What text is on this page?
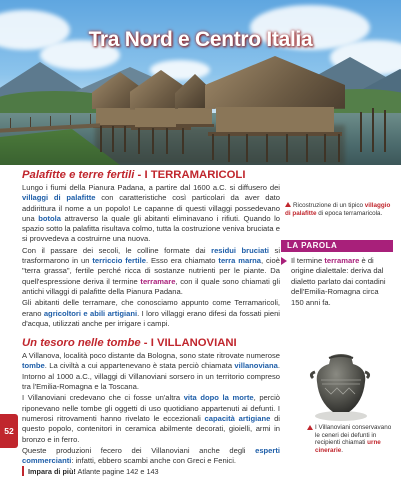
Tra Nord e Centro Italia
Palafitte e terre fertili - I TERRAMARICOLI

Lungo i fiumi della Pianura Padana, a partire dal 1600 a.C. si diffusero dei villaggi di palafitte con caratteristiche così particolari da aver dato addirittura il nome a un popolo! Le capanne di questi villaggi possedevano una botola attraverso la quale gli abitanti eliminavano i rifiuti. Quando lo spazio sotto la palafitta risultava colmo, tutta la costruzione veniva bruciata e si provvedeva a costruirne una nuova.

Con il passare dei secoli, le colline formate dai residui bruciati si trasformarono in un terriccio fertile. Esso era chiamato terra marna, cioè "terra grassa", fertile perché ricca di sostanze nutrienti per le piante. Da quell'espressione deriva il termine terramare, con il quale sono chiamati gli antichi villaggi di palafitte della Pianura Padana.

Gli abitanti delle terramare, che conosciamo appunto come Terramaricoli, erano agricoltori e abili artigiani. I loro villaggi erano difesi da fossati pieni d'acqua, utilizzati anche per irrigare i campi.

Un tesoro nelle tombe - I VILLANOVIANI

A Villanova, località poco distante da Bologna, sono state ritrovate numerose tombe. La civiltà a cui appartenevano è stata perciò chiamata villanoviana. Intorno al 1000 a.C., villaggi di Villanoviani sorsero in un territorio compreso tra l'Emilia-Romagna e la Toscana.

I Villanoviani credevano che ci fosse un'altra vita dopo la morte, perciò riponevano nelle tombe gli oggetti di uso quotidiano appartenuti ai defunti. I numerosi ritrovamenti hanno rivelato le eccezionali capacità artigiane di questo popolo, contenitori in ceramica abilmente decorati, gioielli, armi in bronzo e in ferro.

Queste produzioni fecero dei Villanoviani anche degli esperti commercianti: infatti, ebbero scambi anche con Greci e Fenici.

Ricostruzione di un tipico villaggio di palafitte di epoca terramaricola.
LA PAROLA
Il termine terramare è di origine dialettale: deriva dal dialetto parlato dai contadini dell'Emilia-Romagna circa 150 anni fa.
I Villanoviani conservavano le ceneri dei defunti in recipienti chiamati urne cinerarie.
52
Impara di più! Atlante pagine 142 e 143
